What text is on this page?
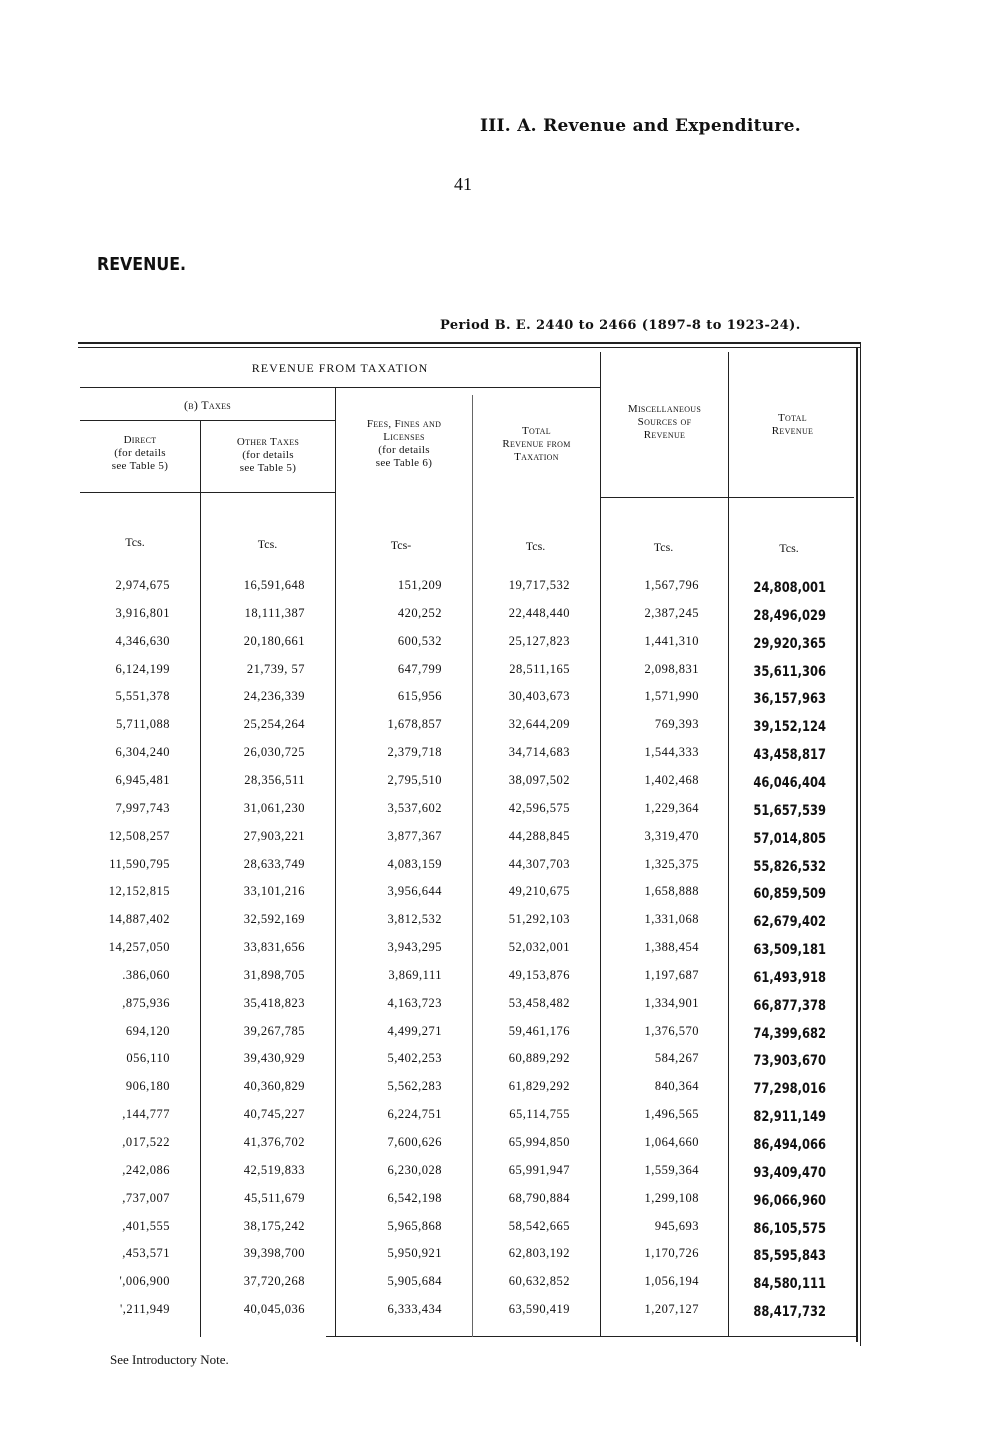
III. A. Revenue and Expenditure.
41
REVENUE.
Period B. E. 2440 to 2466 (1897-8 to 1923-24).
REVENUE FROM TAXATION
(b) Taxes
Direct
(for details
see Table 5)
Other Taxes
(for details
see Table 5)
Fees, Fines and
Licenses
(for details
see Table 6)
Total
Revenue from
Taxation
Miscellaneous
Sources of
Revenue
Total
Revenue
Tcs.	Tcs.	Tcs-	Tcs.	Tcs.	Tcs.
2,974,675	16,591,648	151,209	19,717,532	1,567,796	24,808,001
3,916,801	18,111,387	420,252	22,448,440	2,387,245	28,496,029
4,346,630	20,180,661	600,532	25,127,823	1,441,310	29,920,365
6,124,199	21,739, 57	647,799	28,511,165	2,098,831	35,611,306
5,551,378	24,236,339	615,956	30,403,673	1,571,990	36,157,963
5,711,088	25,254,264	1,678,857	32,644,209	769,393	39,152,124
6,304,240	26,030,725	2,379,718	34,714,683	1,544,333	43,458,817
6,945,481	28,356,511	2,795,510	38,097,502	1,402,468	46,046,404
7,997,743	31,061,230	3,537,602	42,596,575	1,229,364	51,657,539
12,508,257	27,903,221	3,877,367	44,288,845	3,319,470	57,014,805
11,590,795	28,633,749	4,083,159	44,307,703	1,325,375	55,826,532
12,152,815	33,101,216	3,956,644	49,210,675	1,658,888	60,859,509
14,887,402	32,592,169	3,812,532	51,292,103	1,331,068	62,679,402
14,257,050	33,831,656	3,943,295	52,032,001	1,388,454	63,509,181
.386,060	31,898,705	3,869,111	49,153,876	1,197,687	61,493,918
,875,936	35,418,823	4,163,723	53,458,482	1,334,901	66,877,378
694,120	39,267,785	4,499,271	59,461,176	1,376,570	74,399,682
056,110	39,430,929	5,402,253	60,889,292	584,267	73,903,670
906,180	40,360,829	5,562,283	61,829,292	840,364	77,298,016
,144,777	40,745,227	6,224,751	65,114,755	1,496,565	82,911,149
,017,522	41,376,702	7,600,626	65,994,850	1,064,660	86,494,066
,242,086	42,519,833	6,230,028	65,991,947	1,559,364	93,409,470
,737,007	45,511,679	6,542,198	68,790,884	1,299,108	96,066,960
,401,555	38,175,242	5,965,868	58,542,665	945,693	86,105,575
,453,571	39,398,700	5,950,921	62,803,192	1,170,726	85,595,843
',006,900	37,720,268	5,905,684	60,632,852	1,056,194	84,580,111
',211,949	40,045,036	6,333,434	63,590,419	1,207,127	88,417,732
See Introductory Note.
